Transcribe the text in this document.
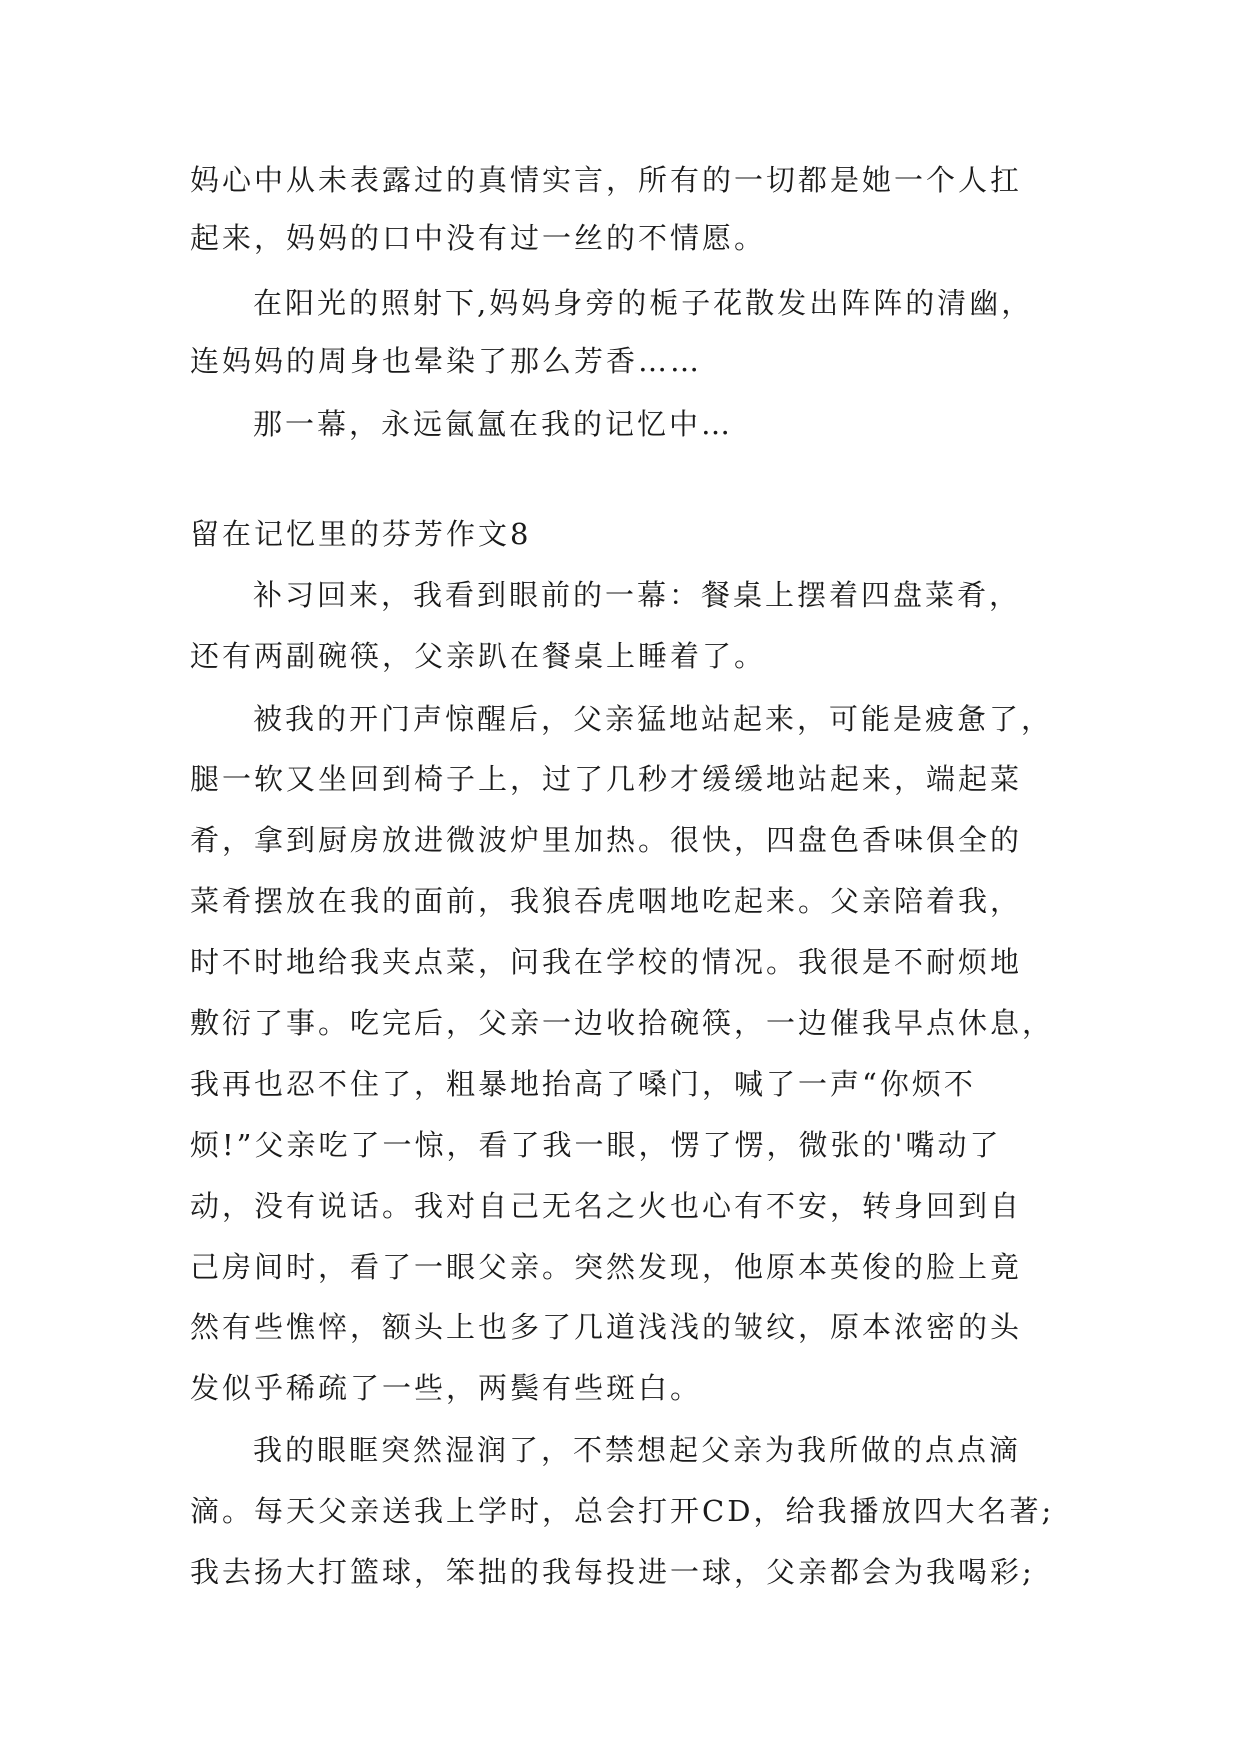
妈心中从未表露过的真情实言，所有的一切都是她一个人扛
起来，妈妈的口中没有过一丝的不情愿。
在阳光的照射下,妈妈身旁的栀子花散发出阵阵的清幽，
连妈妈的周身也晕染了那么芳香……
那一幕，永远氤氲在我的记忆中…
留在记忆里的芬芳作文8
补习回来，我看到眼前的一幕：餐桌上摆着四盘菜肴，
还有两副碗筷，父亲趴在餐桌上睡着了。
被我的开门声惊醒后，父亲猛地站起来，可能是疲惫了，
腿一软又坐回到椅子上，过了几秒才缓缓地站起来，端起菜
肴，拿到厨房放进微波炉里加热。很快，四盘色香味俱全的
菜肴摆放在我的面前，我狼吞虎咽地吃起来。父亲陪着我，
时不时地给我夹点菜，问我在学校的情况。我很是不耐烦地
敷衍了事。吃完后，父亲一边收拾碗筷，一边催我早点休息，
我再也忍不住了，粗暴地抬高了嗓门，喊了一声“你烦不
烦!”父亲吃了一惊，看了我一眼，愣了愣，微张的'嘴动了
动，没有说话。我对自己无名之火也心有不安，转身回到自
己房间时，看了一眼父亲。突然发现，他原本英俊的脸上竟
然有些憔悴，额头上也多了几道浅浅的皱纹，原本浓密的头
发似乎稀疏了一些，两鬓有些斑白。
我的眼眶突然湿润了，不禁想起父亲为我所做的点点滴
滴。每天父亲送我上学时，总会打开CD，给我播放四大名著;
我去扬大打篮球，笨拙的我每投进一球，父亲都会为我喝彩;
